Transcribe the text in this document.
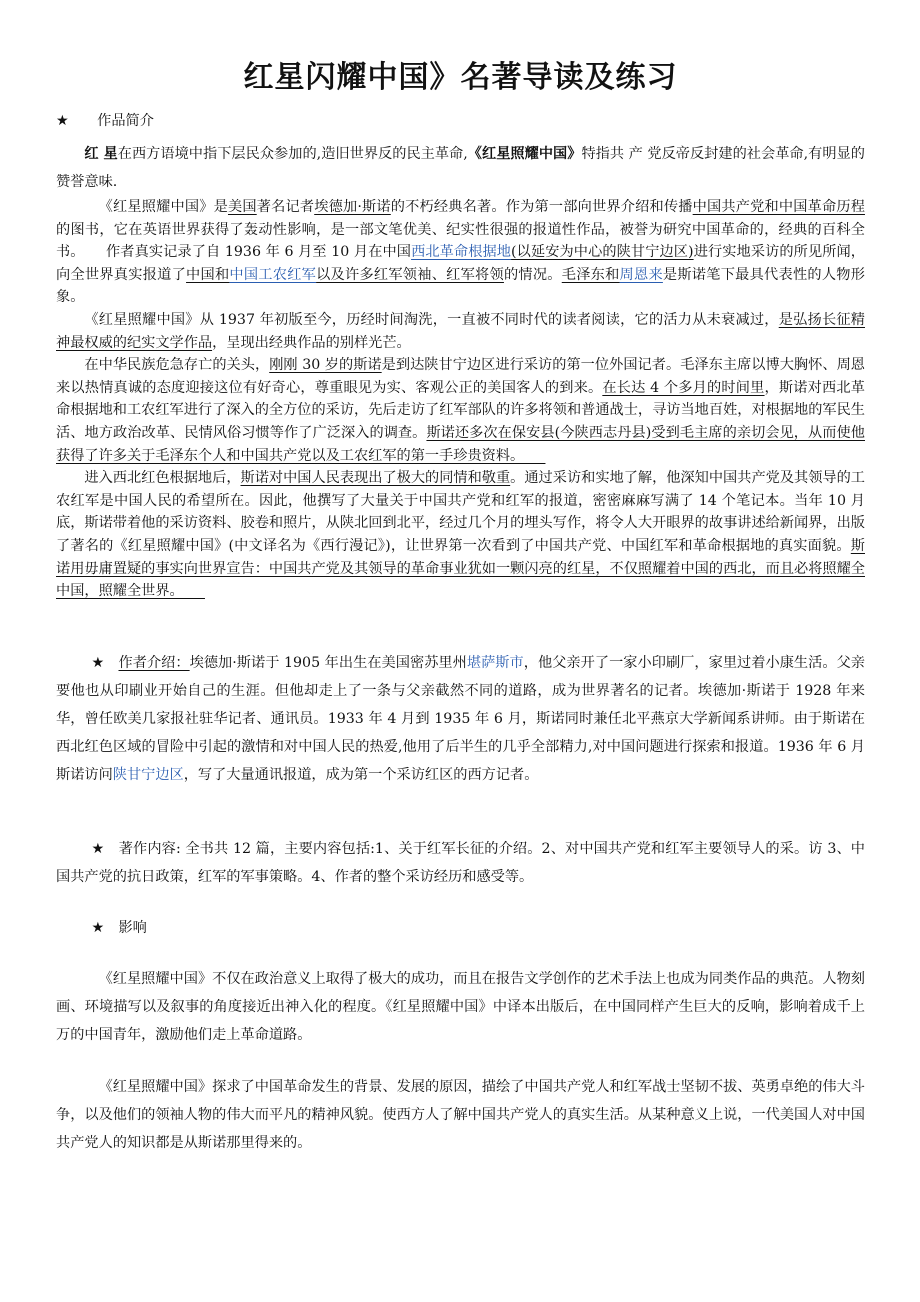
红星闪耀中国》名著导读及练习

★　　 作品简介

红 星在西方语境中指下层民众参加的,造旧世界反的民主革命,《红星照耀中国》特指共 产 党反帝反封建的社会革命,有明显的赞誉意味.

《红星照耀中国》是美国著名记者埃德加·斯诺的不朽经典名著。作为第一部向世界介绍和传播中国共产党和中国革命历程的图书，它在英语世界获得了轰动性影响，是一部文笔优美、纪实性很强的报道性作品，被誉为研究中国革命的，经典的百科全书。　　作者真实记录了自 1936 年 6 月至 10 月在中国西北革命根据地(以延安为中心的陕甘宁边区)进行实地采访的所见所闻，向全世界真实报道了中国和中国工农红军以及许多红军领袖、红军将领的情况。毛泽东和周恩来是斯诺笔下最具代表性的人物形象。

《红星照耀中国》从 1937 年初版至今，历经时间淘洗，一直被不同时代的读者阅读，它的活力从未衰减过，是弘扬长征精神最权威的纪实文学作品，呈现出经典作品的别样光芒。

在中华民族危急存亡的关头，刚刚 30 岁的斯诺是到达陕甘宁边区进行采访的第一位外国记者。毛泽东主席以博大胸怀、周恩来以热情真诚的态度迎接这位有好奇心，尊重眼见为实、客观公正的美国客人的到来。在长达 4 个多月的时间里，斯诺对西北革命根据地和工农红军进行了深入的全方位的采访，先后走访了红军部队的许多将领和普通战士，寻访当地百姓，对根据地的军民生活、地方政治改革、民情风俗习惯等作了广泛深入的调查。斯诺还多次在保安县(今陕西志丹县)受到毛主席的亲切会见，从而使他获得了许多关于毛泽东个人和中国共产党以及工农红军的第一手珍贵资料。　　

进入西北红色根据地后，斯诺对中国人民表现出了极大的同情和敬重。通过采访和实地了解，他深知中国共产党及其领导的工农红军是中国人民的希望所在。因此，他撰写了大量关于中国共产党和红军的报道，密密麻麻写满了 14 个笔记本。当年 10 月底，斯诺带着他的采访资料、胶卷和照片，从陕北回到北平，经过几个月的埋头写作，将令人大开眼界的故事讲述给新闻界，出版了著名的《红星照耀中国》(中文译名为《西行漫记》)，让世界第一次看到了中国共产党、中国红军和革命根据地的真实面貌。斯诺用毋庸置疑的事实向世界宣告：中国共产党及其领导的革命事业犹如一颗闪亮的红星，不仅照耀着中国的西北，而且必将照耀全中国，照耀全世界。　　

★　 作者介绍：埃德加·斯诺于 1905 年出生在美国密苏里州堪萨斯市，他父亲开了一家小印刷厂，家里过着小康生活。父亲要他也从印刷业开始自己的生涯。但他却走上了一条与父亲截然不同的道路，成为世界著名的记者。埃德加·斯诺于 1928 年来华，曾任欧美几家报社驻华记者、通讯员。1933 年 4 月到 1935 年 6 月，斯诺同时兼任北平燕京大学新闻系讲师。由于斯诺在西北红色区域的冒险中引起的激情和对中国人民的热爱,他用了后半生的几乎全部精力,对中国问题进行探索和报道。1936 年 6 月斯诺访问陕甘宁边区，写了大量通讯报道，成为第一个采访红区的西方记者。

★　 著作内容: 全书共 12 篇，主要内容包括:1、关于红军长征的介绍。2、对中国共产党和红军主要领导人的采。访 3、中国共产党的抗日政策，红军的军事策略。4、作者的整个采访经历和感受等。

★　 影响

《红星照耀中国》不仅在政治意义上取得了极大的成功，而且在报告文学创作的艺术手法上也成为同类作品的典范。人物刻画、环境描写以及叙事的角度接近出神入化的程度。《红星照耀中国》中译本出版后，在中国同样产生巨大的反响，影响着成千上万的中国青年，激励他们走上革命道路。

《红星照耀中国》探求了中国革命发生的背景、发展的原因，描绘了中国共产党人和红军战士坚韧不拔、英勇卓绝的伟大斗争，以及他们的领袖人物的伟大而平凡的精神风貌。使西方人了解中国共产党人的真实生活。从某种意义上说，一代美国人对中国共产党人的知识都是从斯诺那里得来的。
